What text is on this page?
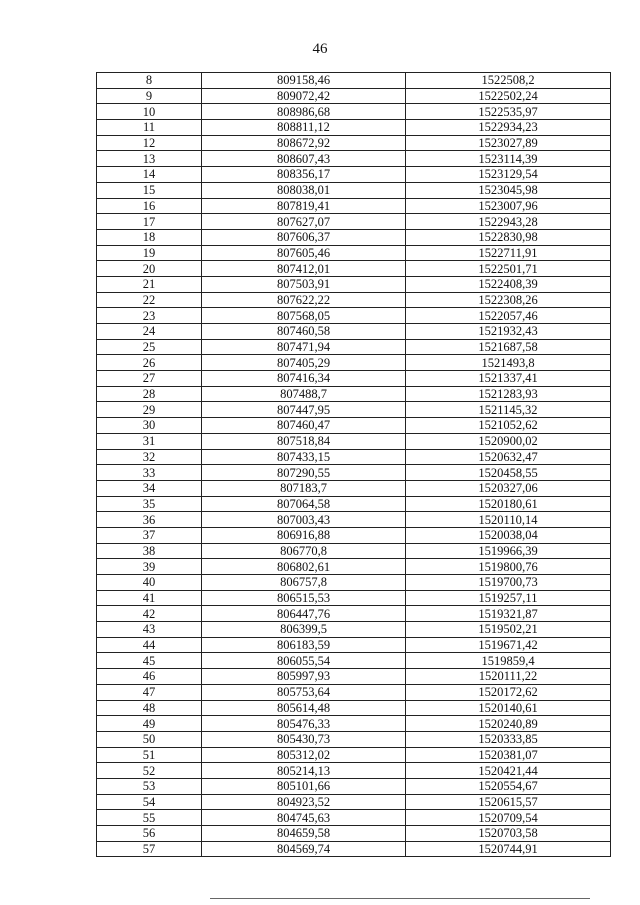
46
8	809158,46	1522508,2
9	809072,42	1522502,24
10	808986,68	1522535,97
11	808811,12	1522934,23
12	808672,92	1523027,89
13	808607,43	1523114,39
14	808356,17	1523129,54
15	808038,01	1523045,98
16	807819,41	1523007,96
17	807627,07	1522943,28
18	807606,37	1522830,98
19	807605,46	1522711,91
20	807412,01	1522501,71
21	807503,91	1522408,39
22	807622,22	1522308,26
23	807568,05	1522057,46
24	807460,58	1521932,43
25	807471,94	1521687,58
26	807405,29	1521493,8
27	807416,34	1521337,41
28	807488,7	1521283,93
29	807447,95	1521145,32
30	807460,47	1521052,62
31	807518,84	1520900,02
32	807433,15	1520632,47
33	807290,55	1520458,55
34	807183,7	1520327,06
35	807064,58	1520180,61
36	807003,43	1520110,14
37	806916,88	1520038,04
38	806770,8	1519966,39
39	806802,61	1519800,76
40	806757,8	1519700,73
41	806515,53	1519257,11
42	806447,76	1519321,87
43	806399,5	1519502,21
44	806183,59	1519671,42
45	806055,54	1519859,4
46	805997,93	1520111,22
47	805753,64	1520172,62
48	805614,48	1520140,61
49	805476,33	1520240,89
50	805430,73	1520333,85
51	805312,02	1520381,07
52	805214,13	1520421,44
53	805101,66	1520554,67
54	804923,52	1520615,57
55	804745,63	1520709,54
56	804659,58	1520703,58
57	804569,74	1520744,91
